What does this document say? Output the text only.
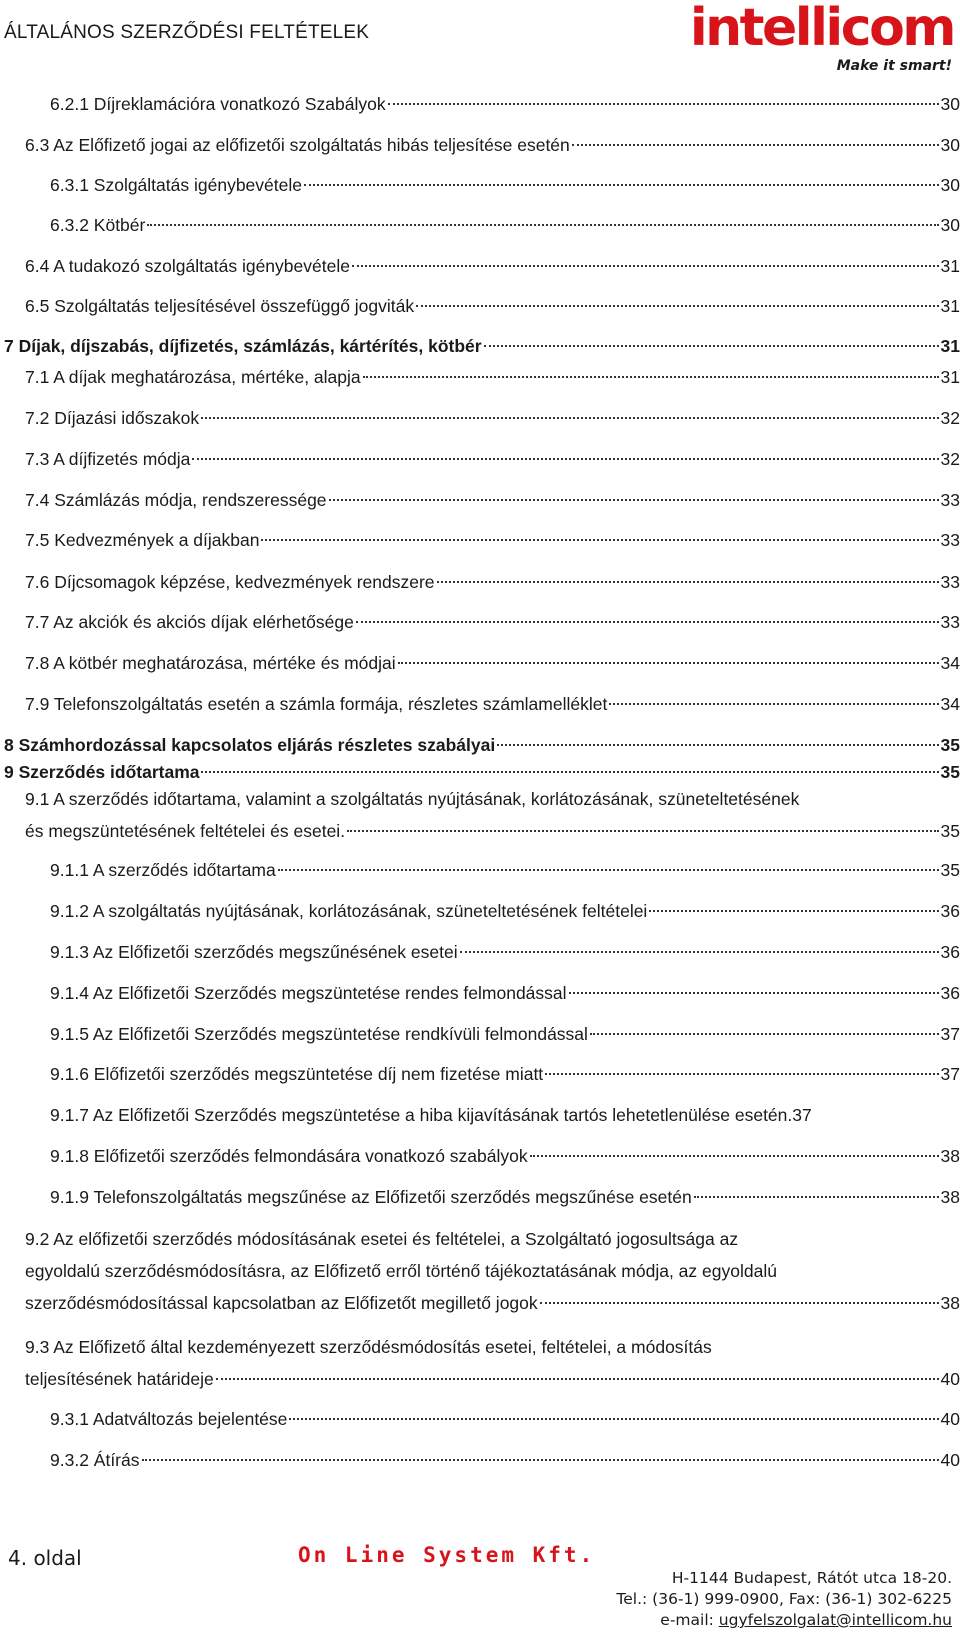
ÁLTALÁNOS SZERZŐDÉSI FELTÉTELEK	intellicom
Make it smart!
6.2.1 Díjreklamációra vonatkozó Szabályok	30
6.3 Az Előfizető jogai az előfizetői szolgáltatás hibás teljesítése esetén	30
6.3.1 Szolgáltatás igénybevétele	30
6.3.2 Kötbér	30
6.4 A tudakozó szolgáltatás igénybevétele	31
6.5 Szolgáltatás teljesítésével összefüggő jogviták	31
7 Díjak, díjszabás, díjfizetés, számlázás, kártérítés, kötbér	31
7.1 A díjak meghatározása, mértéke, alapja	31
7.2 Díjazási időszakok	32
7.3 A díjfizetés módja	32
7.4 Számlázás módja, rendszeressége	33
7.5 Kedvezmények a díjakban	33
7.6 Díjcsomagok képzése, kedvezmények rendszere	33
7.7 Az akciók és akciós díjak elérhetősége	33
7.8 A kötbér meghatározása, mértéke és módjai	34
7.9 Telefonszolgáltatás esetén a számla formája, részletes számlamelléklet	34
8 Számhordozással kapcsolatos eljárás részletes szabályai	35
9 Szerződés időtartama	35
9.1 A szerződés időtartama, valamint a szolgáltatás nyújtásának, korlátozásának, szüneteltetésének
és megszüntetésének feltételei és esetei.	35
9.1.1 A szerződés időtartama	35
9.1.2 A szolgáltatás nyújtásának, korlátozásának, szüneteltetésének feltételei	36
9.1.3 Az Előfizetői szerződés megszűnésének esetei	36
9.1.4 Az Előfizetői Szerződés megszüntetése rendes felmondással	36
9.1.5 Az Előfizetői Szerződés megszüntetése rendkívüli felmondással	37
9.1.6 Előfizetői szerződés megszüntetése díj nem fizetése miatt	37
9.1.7 Az Előfizetői Szerződés megszüntetése a hiba kijavításának tartós lehetetlenülése esetén. 37
9.1.8 Előfizetői szerződés felmondására vonatkozó szabályok	38
9.1.9 Telefonszolgáltatás megszűnése az Előfizetői szerződés megszűnése esetén	38
9.2 Az előfizetői szerződés módosításának esetei és feltételei, a Szolgáltató jogosultsága az
egyoldalú szerződésmódosításra, az Előfizető erről történő tájékoztatásának módja, az egyoldalú
szerződésmódosítással kapcsolatban az Előfizetőt megillető jogok	38
9.3 Az Előfizető által kezdeményezett szerződésmódosítás esetei, feltételei, a módosítás
teljesítésének határideje	40
9.3.1 Adatváltozás bejelentése	40
9.3.2 Átírás	40
4. oldal	On Line System Kft.
H-1144 Budapest, Rátót utca 18-20.
Tel.: (36-1) 999-0900, Fax: (36-1) 302-6225
e-mail: ugyfelszolgalat@intellicom.hu
